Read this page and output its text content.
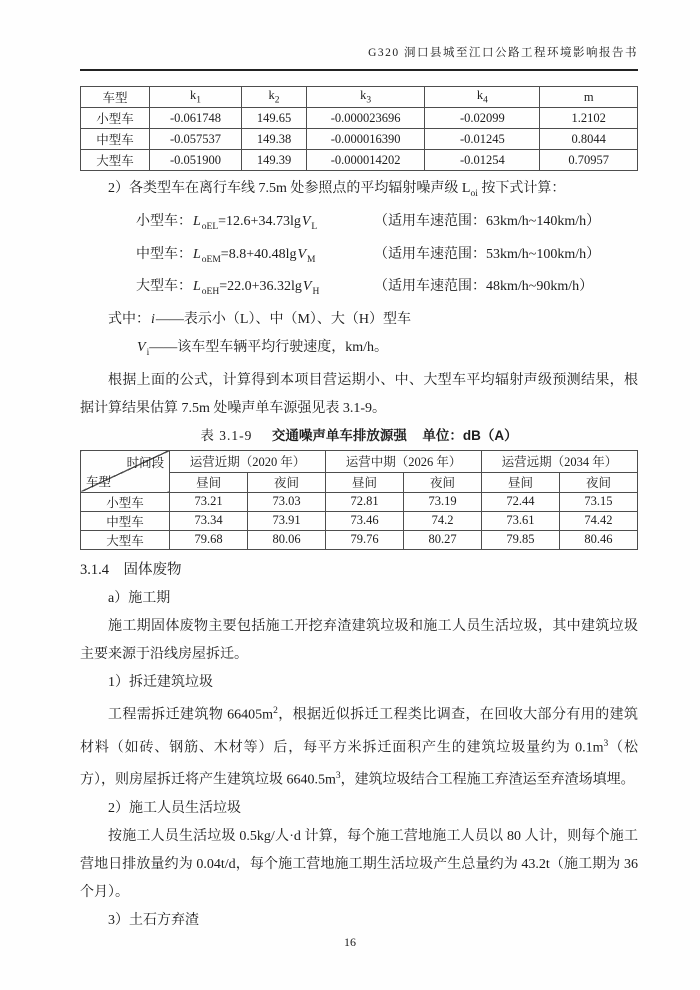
G320 洞口县城至江口公路工程环境影响报告书
车型	$k_1$	$k_2$	$k_3$	$k_4$	m
小型车	-0.061748	149.65	-0.000023696	-0.02099	1.2102
中型车	-0.057537	149.38	-0.000016390	-0.01245	0.8044
大型车	-0.051900	149.39	-0.000014202	-0.01254	0.70957
2）各类型车在离行车线 7.5m 处参照点的平均辐射噪声级 $L_{oi}$ 按下式计算：
小型车： $L_{oEL}=12.6+34.73\lg V_L$	（适用车速范围：63km/h~140km/h）
中型车： $L_{oEM}=8.8+40.48\lg V_M$	（适用车速范围：53km/h~100km/h）
大型车： $L_{oEH}=22.0+36.32\lg V_H$	（适用车速范围：48km/h~90km/h）
式中：i——表示小（L）、中（M）、大（H）型车
$V_i——$该车型车辆平均行驶速度，km/h。

根据上面的公式，计算得到本项目营运期小、中、大型车平均辐射声级预测结果，根据计算结果估算 7.5m 处噪声单车源强见表 3.1-9。

表 3.1-9 交通噪声单车排放源强 单位：dB（A）
时间段
车型	运营近期（2020 年）		运营中期（2026 年）		运营远期（2034 年）	
	昼间	夜间	昼间	夜间	昼间	夜间
小型车	73.21	73.03	72.81	73.19	72.44	73.15
中型车	73.34	73.91	73.46	74.2	73.61	74.42
大型车	79.68	80.06	79.76	80.27	79.85	80.46
3.1.4　固体废物
a）施工期

施工期固体废物主要包括施工开挖弃渣建筑垃圾和施工人员生活垃圾，其中建筑垃圾主要来源于沿线房屋拆迁。

1）拆迁建筑垃圾

工程需拆迁建筑物 $66405m^2$，根据近似拆迁工程类比调查，在回收大部分有用的建筑材料（如砖、钢筋、木材等）后，每平方米拆迁面积产生的建筑垃圾量约为 $0.1m^3$（松方），则房屋拆迁将产生建筑垃圾 $6640.5m^3$，建筑垃圾结合工程施工弃渣运至弃渣场填埋。

2）施工人员生活垃圾

按施工人员生活垃圾 0.5kg/人·d 计算，每个施工营地施工人员以 80 人计，则每个施工营地日排放量约为 0.04t/d，每个施工营地施工期生活垃圾产生总量约为 43.2t（施工期为 36 个月）。

3）土石方弃渣
16
